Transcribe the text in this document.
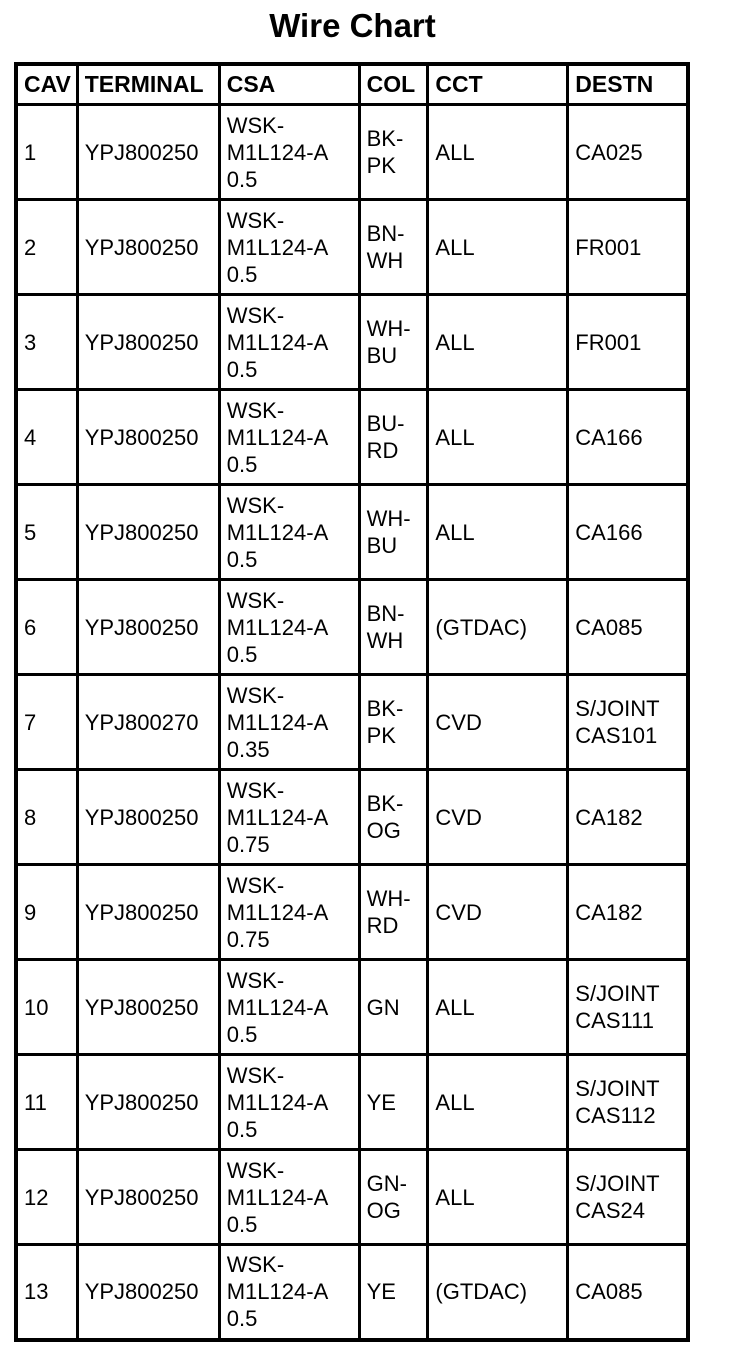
Wire Chart
CAV	TERMINAL	CSA	COL	CCT	DESTN
1	YPJ800250	WSK-
M1L124-A
0.5	BK-
PK	ALL	CA025

2	YPJ800250	WSK-
M1L124-A
0.5	BN-
WH	ALL	FR001

3	YPJ800250	WSK-
M1L124-A
0.5	WH-
BU	ALL	FR001

4	YPJ800250	WSK-
M1L124-A
0.5	BU-
RD	ALL	CA166

5	YPJ800250	WSK-
M1L124-A
0.5	WH-
BU	ALL	CA166

6	YPJ800250	WSK-
M1L124-A
0.5	BN-
WH	(GTDAC)	CA085

7	YPJ800270	WSK-
M1L124-A
0.35	BK-
PK	CVD	S/JOINT
CAS101

8	YPJ800250	WSK-
M1L124-A
0.75	BK-
OG	CVD	CA182

9	YPJ800250	WSK-
M1L124-A
0.75	WH-
RD	CVD	CA182

10	YPJ800250	WSK-
M1L124-A
0.5	GN	ALL	S/JOINT
CAS111

11	YPJ800250	WSK-
M1L124-A
0.5	YE	ALL	S/JOINT
CAS112

12	YPJ800250	WSK-
M1L124-A
0.5	GN-
OG	ALL	S/JOINT
CAS24

13	YPJ800250	WSK-
M1L124-A
0.5	YE	(GTDAC)	CA085
